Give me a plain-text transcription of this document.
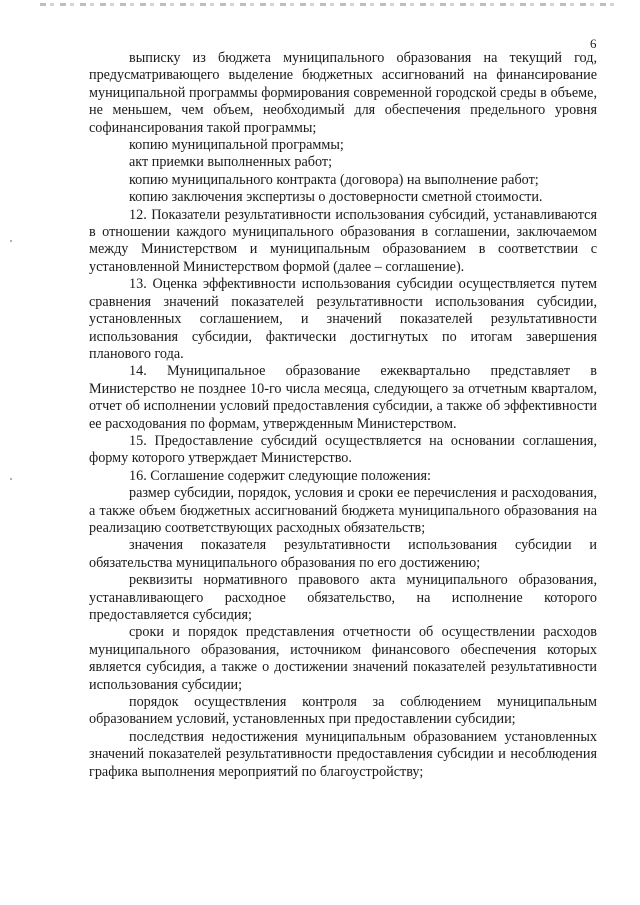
6

выписку из бюджета муниципального образования на текущий год, предусматривающего выделение бюджетных ассигнований на финансирование муниципальной программы формирования современной городской среды в объеме, не меньшем, чем объем, необходимый для обеспечения предельного уровня софинансирования такой программы;

копию муниципальной программы;

акт приемки выполненных работ;

копию муниципального контракта (договора) на выполнение работ;

копию заключения экспертизы о достоверности сметной стоимости.

12. Показатели результативности использования субсидий, устанавливаются в отношении каждого муниципального образования в соглашении, заключаемом между Министерством и муниципальным образованием в соответствии с установленной Министерством формой (далее – соглашение).

13. Оценка эффективности использования субсидии осуществляется путем сравнения значений показателей результативности использования субсидии, установленных соглашением, и значений показателей результативности использования субсидии, фактически достигнутых по итогам завершения планового года.

14. Муниципальное образование ежеквартально представляет в Министерство не позднее 10-го числа месяца, следующего за отчетным кварталом, отчет об исполнении условий предоставления субсидии, а также об эффективности ее расходования по формам, утвержденным Министерством.

15. Предоставление субсидий осуществляется на основании соглашения, форму которого утверждает Министерство.

16. Соглашение содержит следующие положения:

размер субсидии, порядок, условия и сроки ее перечисления и расходования, а также объем бюджетных ассигнований бюджета муниципального образования на реализацию соответствующих расходных обязательств;

значения показателя результативности использования субсидии и обязательства муниципального образования по его достижению;

реквизиты нормативного правового акта муниципального образования, устанавливающего расходное обязательство, на исполнение которого предоставляется субсидия;

сроки и порядок представления отчетности об осуществлении расходов муниципального образования, источником финансового обеспечения которых является субсидия, а также о достижении значений показателей результативности использования субсидии;

порядок осуществления контроля за соблюдением муниципальным образованием условий, установленных при предоставлении субсидии;

последствия недостижения муниципальным образованием установленных значений показателей результативности предоставления субсидии и несоблюдения графика выполнения мероприятий по благоустройству;
